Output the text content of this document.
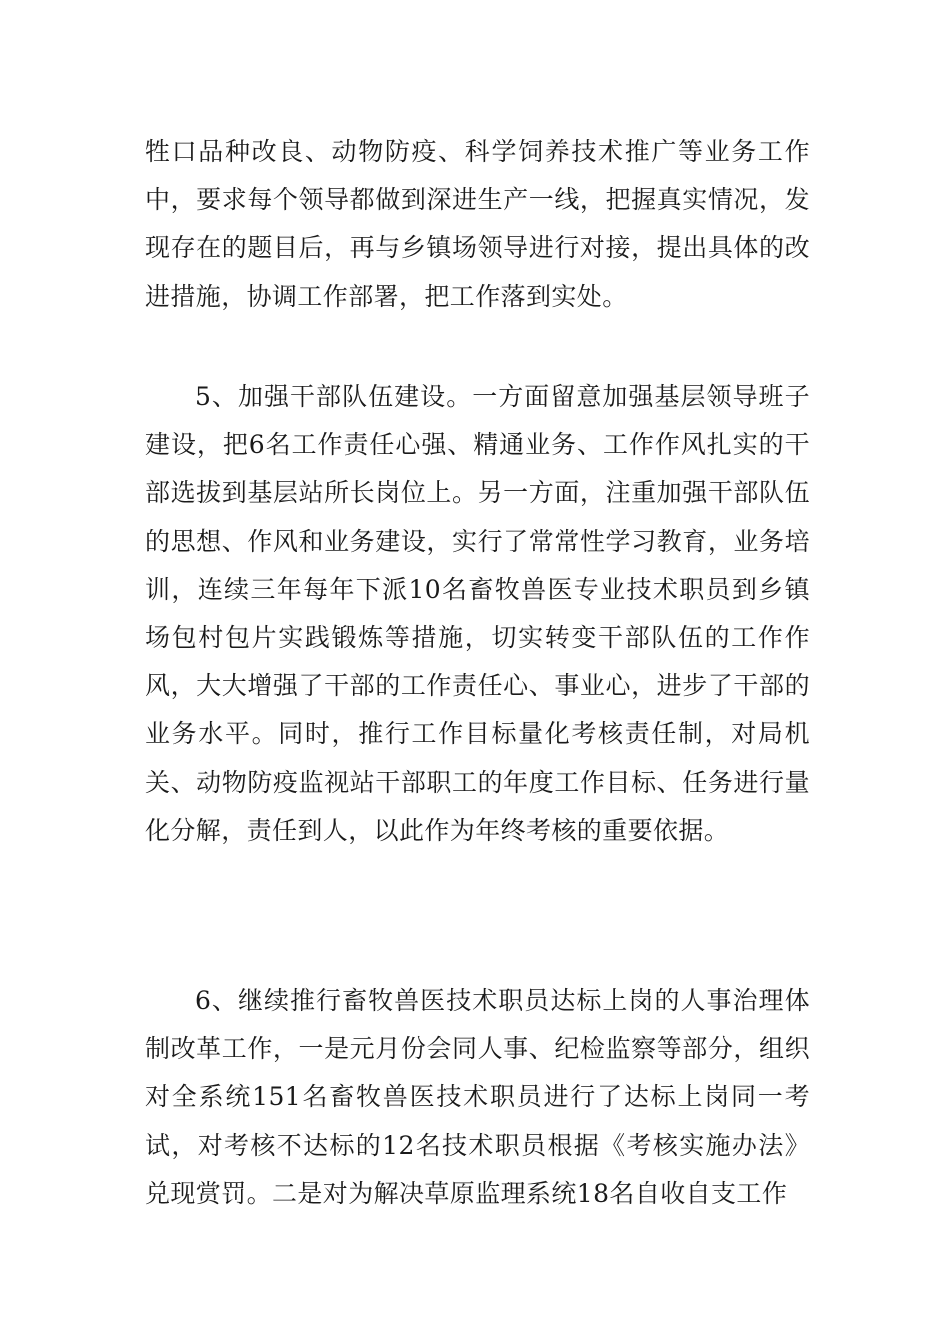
牲口品种改良、动物防疫、科学饲养技术推广等业务工作中，要求每个领导都做到深进生产一线，把握真实情况，发现存在的题目后，再与乡镇场领导进行对接，提出具体的改进措施，协调工作部署，把工作落到实处。

5、加强干部队伍建设。一方面留意加强基层领导班子建设，把6名工作责任心强、精通业务、工作作风扎实的干部选拔到基层站所长岗位上。另一方面，注重加强干部队伍的思想、作风和业务建设，实行了常常性学习教育，业务培训，连续三年每年下派10名畜牧兽医专业技术职员到乡镇场包村包片实践锻炼等措施，切实转变干部队伍的工作作风，大大增强了干部的工作责任心、事业心，进步了干部的业务水平。同时，推行工作目标量化考核责任制，对局机关、动物防疫监视站干部职工的年度工作目标、任务进行量化分解，责任到人，以此作为年终考核的重要依据。

6、继续推行畜牧兽医技术职员达标上岗的人事治理体制改革工作，一是元月份会同人事、纪检监察等部分，组织对全系统151名畜牧兽医技术职员进行了达标上岗同一考试，对考核不达标的12名技术职员根据《考核实施办法》兑现赏罚。二是对为解决草原监理系统18名自收自支工作
